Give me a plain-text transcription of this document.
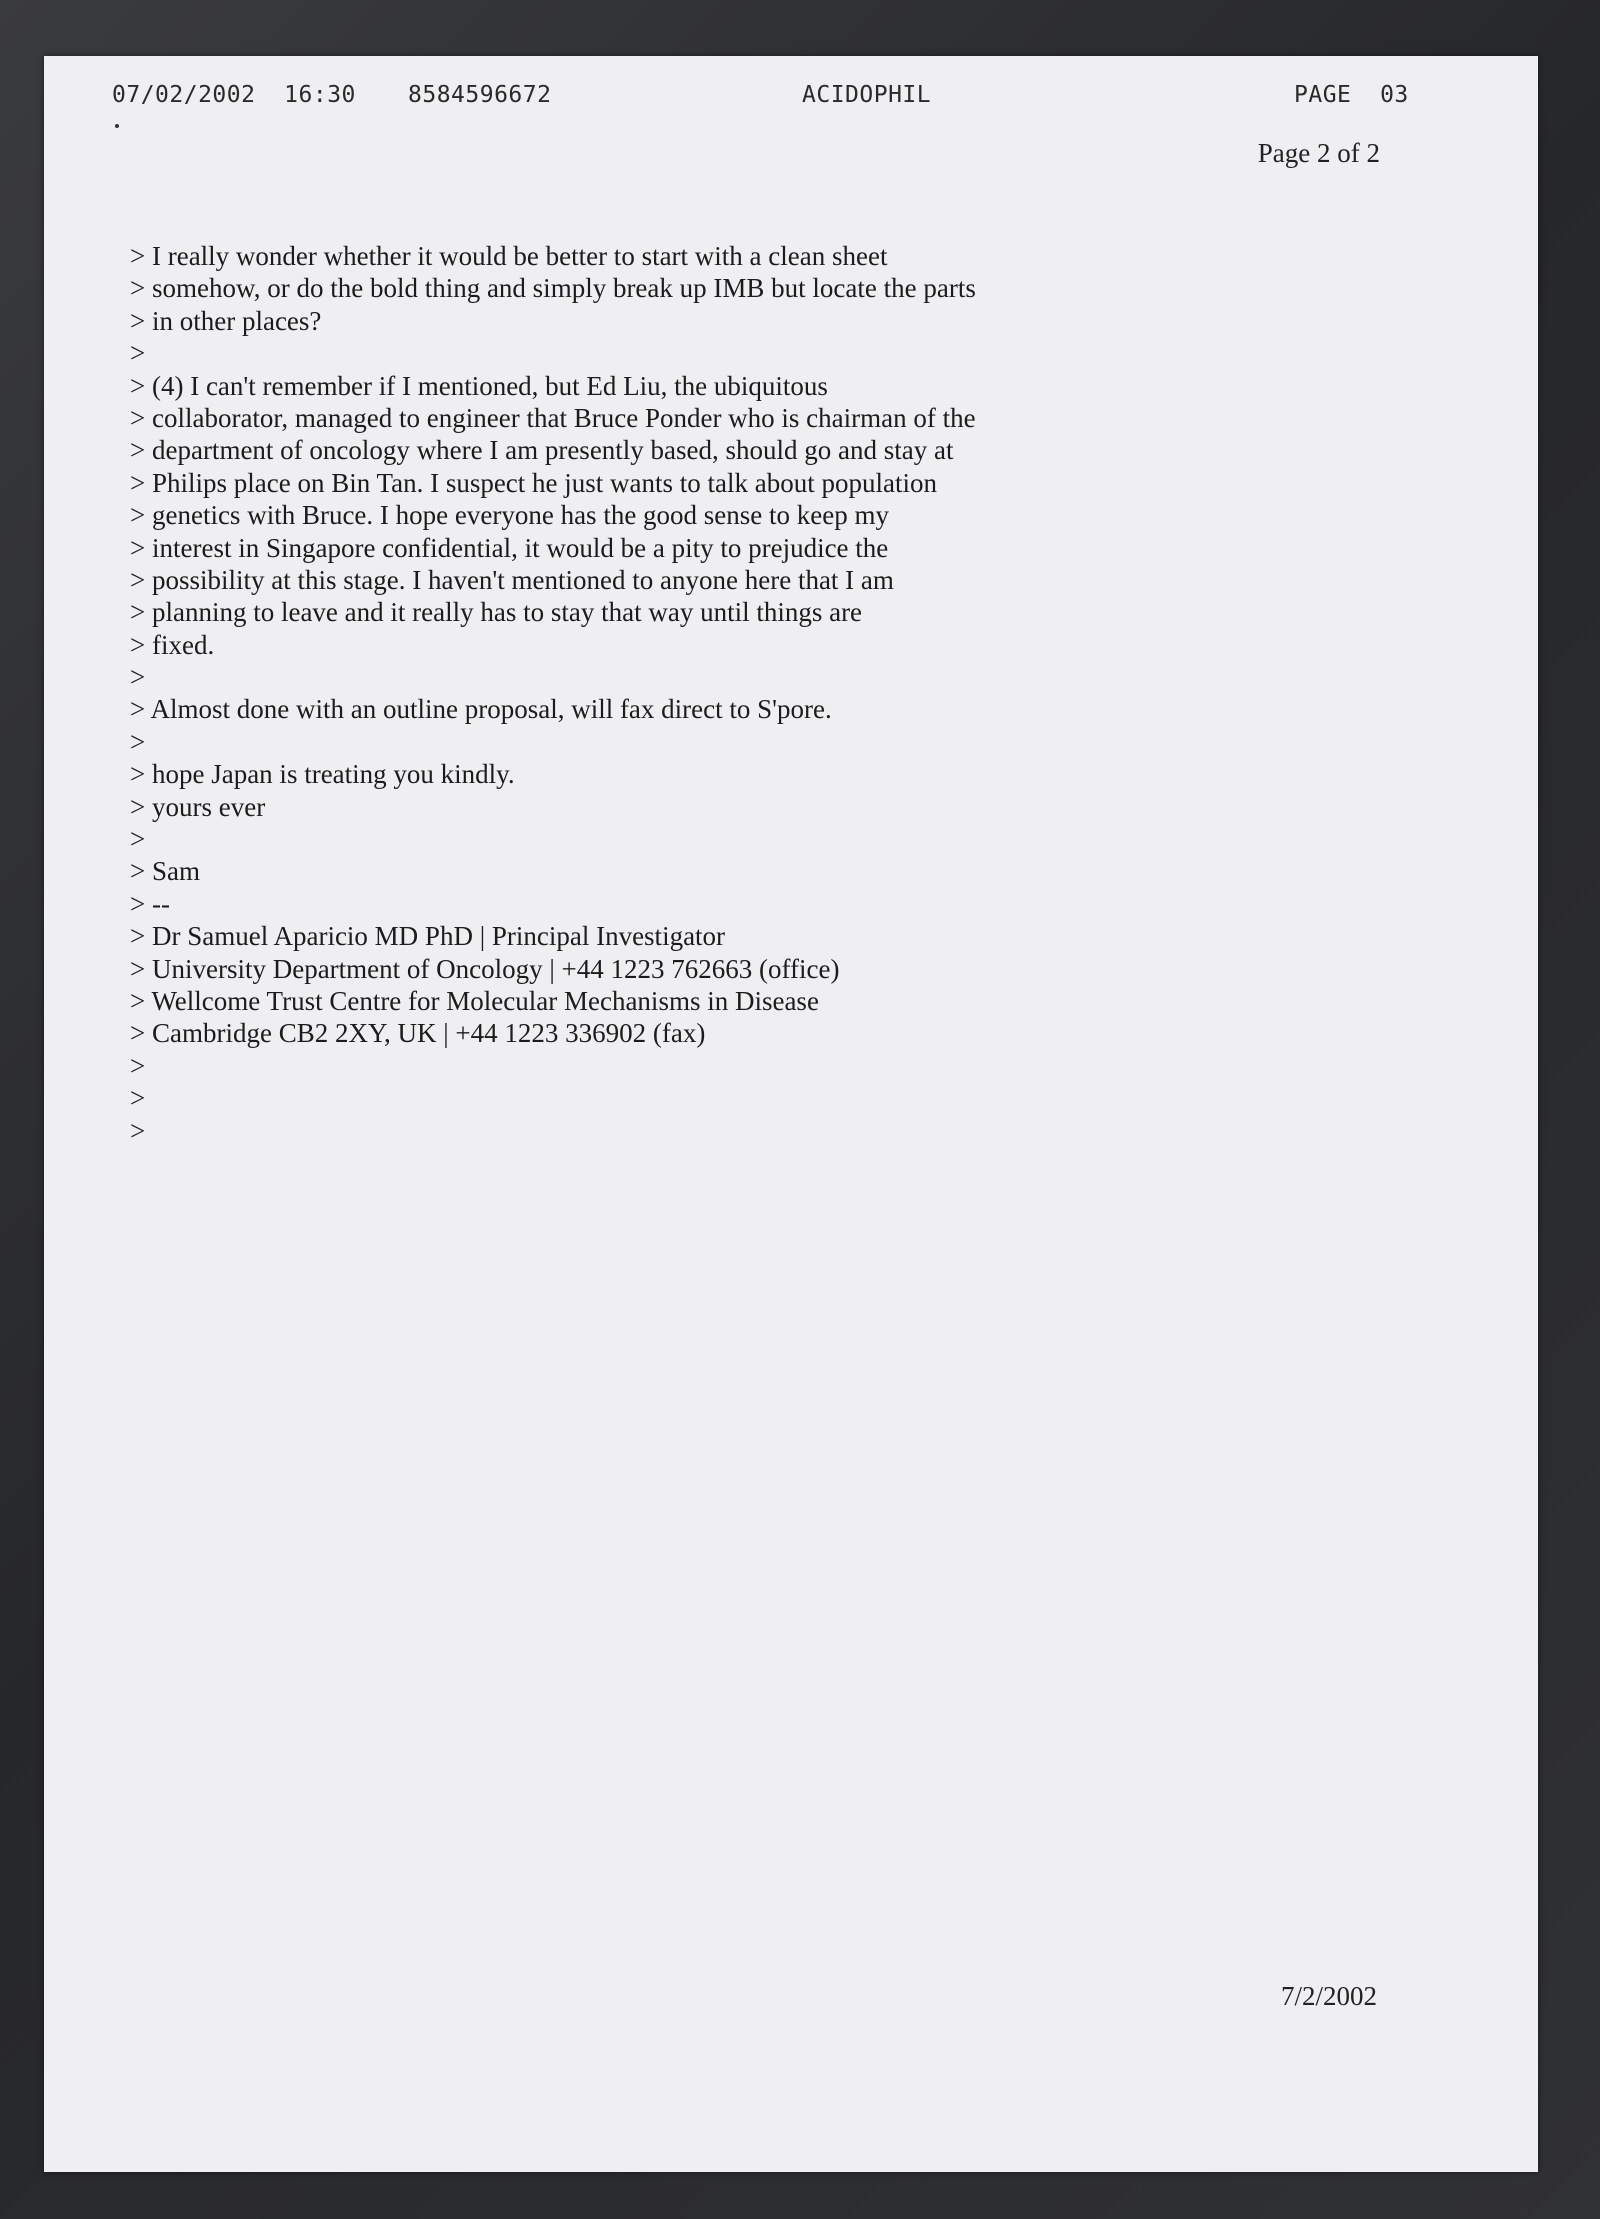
07/02/2002  16:30 8584596672	ACIDOPHIL	PAGE  03
Page 2 of 2
> I really wonder whether it would be better to start with a clean sheet
> somehow, or do the bold thing and simply break up IMB but locate the parts
> in other places?
>
> (4) I can't remember if I mentioned, but Ed Liu, the ubiquitous
> collaborator, managed to engineer that Bruce Ponder who is chairman of the
> department of oncology where I am presently based, should go and stay at
> Philips place on Bin Tan. I suspect he just wants to talk about population
> genetics with Bruce. I hope everyone has the good sense to keep my
> interest in Singapore confidential, it would be a pity to prejudice the
> possibility at this stage. I haven't mentioned to anyone here that I am
> planning to leave and it really has to stay that way until things are
> fixed.
>
> Almost done with an outline proposal, will fax direct to S'pore.
>
> hope Japan is treating you kindly.
> yours ever
>
> Sam
> --
> Dr Samuel Aparicio MD PhD | Principal Investigator
> University Department of Oncology | +44 1223 762663 (office)
> Wellcome Trust Centre for Molecular Mechanisms in Disease
> Cambridge CB2 2XY, UK | +44 1223 336902 (fax)
>
>
>
7/2/2002
